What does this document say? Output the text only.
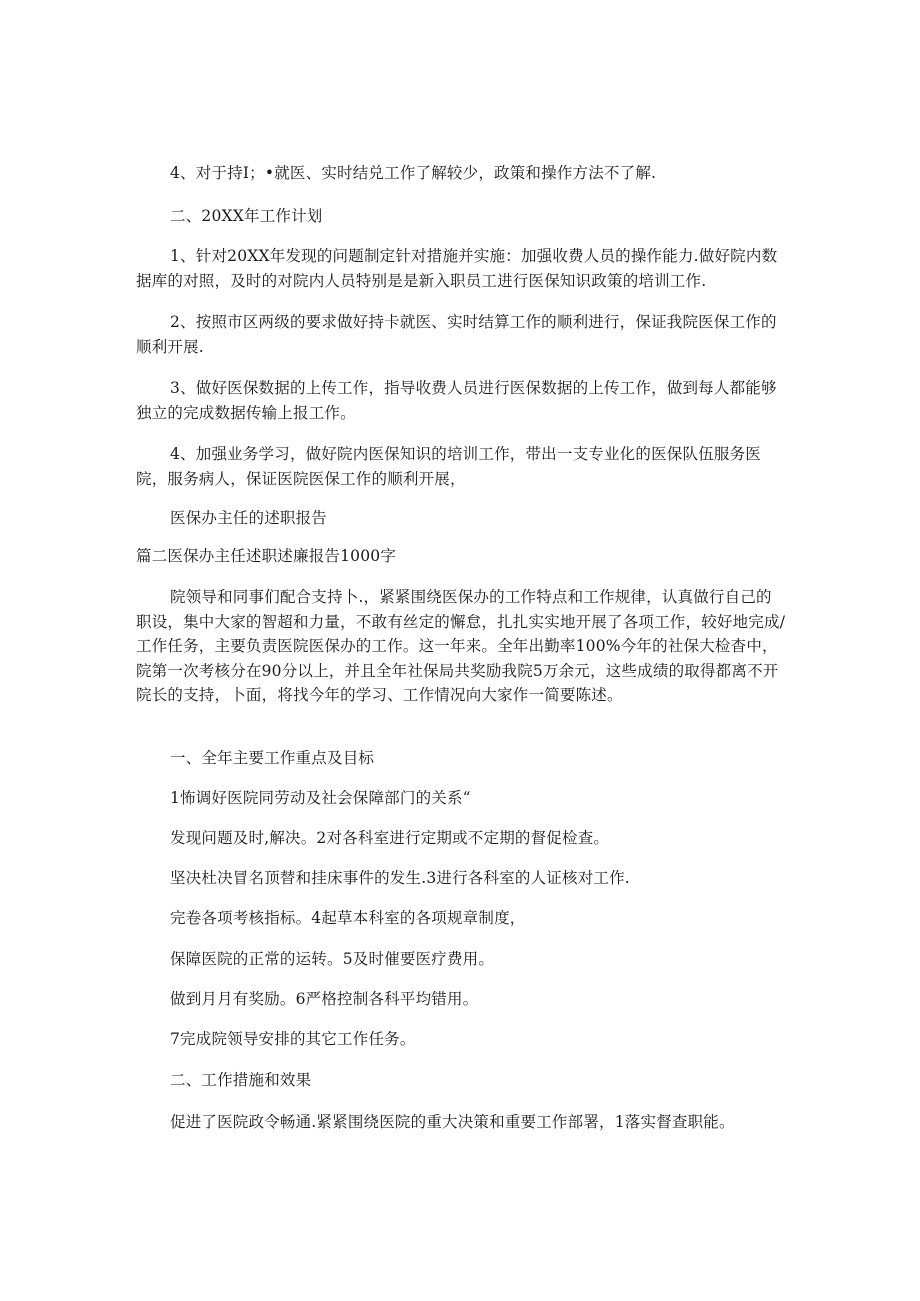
4、对于持I；•就医、实时结兑工作了解较少，政策和操作方法不了解.

二、20XX年工作计划

1、针对20XX年发现的问题制定针对措施并实施：加强收费人员的操作能力.做好院内数据库的对照，及时的对院内人员特别是是新入职员工进行医保知识政策的培训工作.

2、按照市区两级的要求做好持卡就医、实时结算工作的顺利进行，保证我院医保工作的顺利开展.

3、做好医保数据的上传工作，指导收费人员进行医保数据的上传工作，做到每人都能够独立的完成数据传输上报工作。

4、加强业务学习，做好院内医保知识的培训工作，带出一支专业化的医保队伍服务医院，服务病人，保证医院医保工作的顺利开展，

医保办主任的述职报告

篇二医保办主任述职述廉报告1000字

院领导和同事们配合支持卜.，紧紧围绕医保办的工作特点和工作规律，认真做行自己的职设，集中大家的智超和力量，不敢有丝定的懈怠，扎扎实实地开展了各项工作，较好地完成/工作任务，主要负责医院医保办的工作。这一年来。全年出勤率100%今年的社保大检杳中，院第一次考核分在90分以上，并且全年社保局共奖励我院5万余元，这些成绩的取得都离不开院长的支持，卜面，将找今年的学习、工作情况向大家作一简要陈述。

一、全年主要工作重点及目标

1怖调好医院同劳动及社会保障部门的关系“

发现问题及时,解决。2对各科室进行定期或不定期的督促检查。

坚决杜决冒名顶替和挂床事件的发生.3进行各科室的人证核对工作.

完卷各项考核指标。4起草本科室的各项规章制度，

保障医院的正常的运转。5及时催要医疗费用。

做到月月有奖励。6严格控制各科平均错用。

7完成院领导安排的其它工作任务。

二、工作措施和效果

促进了医院政令畅通.紧紧围绕医院的重大决策和重要工作部署，1落实督查职能。
